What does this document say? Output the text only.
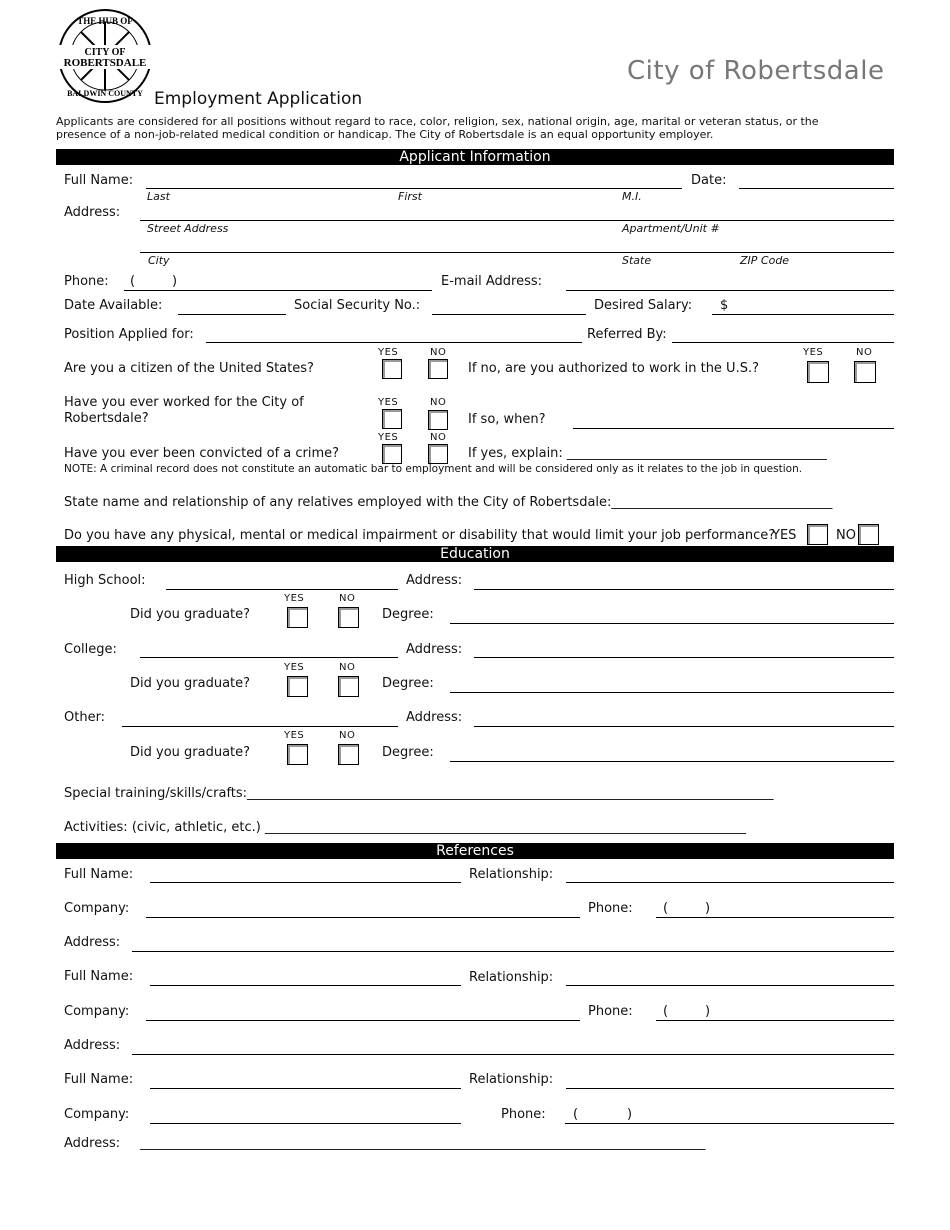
THE HUB OF
CITY OF
ROBERTSDALE
BALDWIN COUNTY
City of Robertsdale
Employment Application
Applicants are considered for all positions without regard to race, color, religion, sex, national origin, age, marital or veteran status, or the
presence of a non-job-related medical condition or handicap. The City of Robertsdale is an equal opportunity employer.
Applicant Information
Full Name:	Date:
Last	First	M.I.
Address:
Street Address	Apartment/Unit #
City	State	ZIP Code
Phone: (	)	E-mail Address:
Date Available:	Social Security No.:	Desired Salary: $
Position Applied for:	Referred By:
YES	NO
Are you a citizen of the United States?	If no, are you authorized to work in the U.S.?
YES	NO
Have you ever worked for the City of
Robertsdale?
YES	NO
If so, when?
YES	NO
Have you ever been convicted of a crime?	If yes, explain: ________________________________________
NOTE: A criminal record does not constitute an automatic bar to employment and will be considered only as it relates to the job in question.
State name and relationship of any relatives employed with the City of Robertsdale:__________________________________
Do you have any physical, mental or medical impairment or disability that would limit your job performance?
YES	NO
Education
High School:	Address:
YES	NO
Did you graduate?	Degree:
College:	Address:
YES	NO
Did you graduate?	Degree:
Other:	Address:
YES	NO
Did you graduate?	Degree:
Special training/skills/crafts:_________________________________________________________________________________
Activities: (civic, athletic, etc.) __________________________________________________________________________
References
Full Name:	Relationship:
Company:	Phone: (	)
Address:
Full Name:	Relationship:
Company:	Phone: (	)
Address:
Full Name:	Relationship:
Company:	Phone: (	)
Address: _______________________________________________________________________________________
